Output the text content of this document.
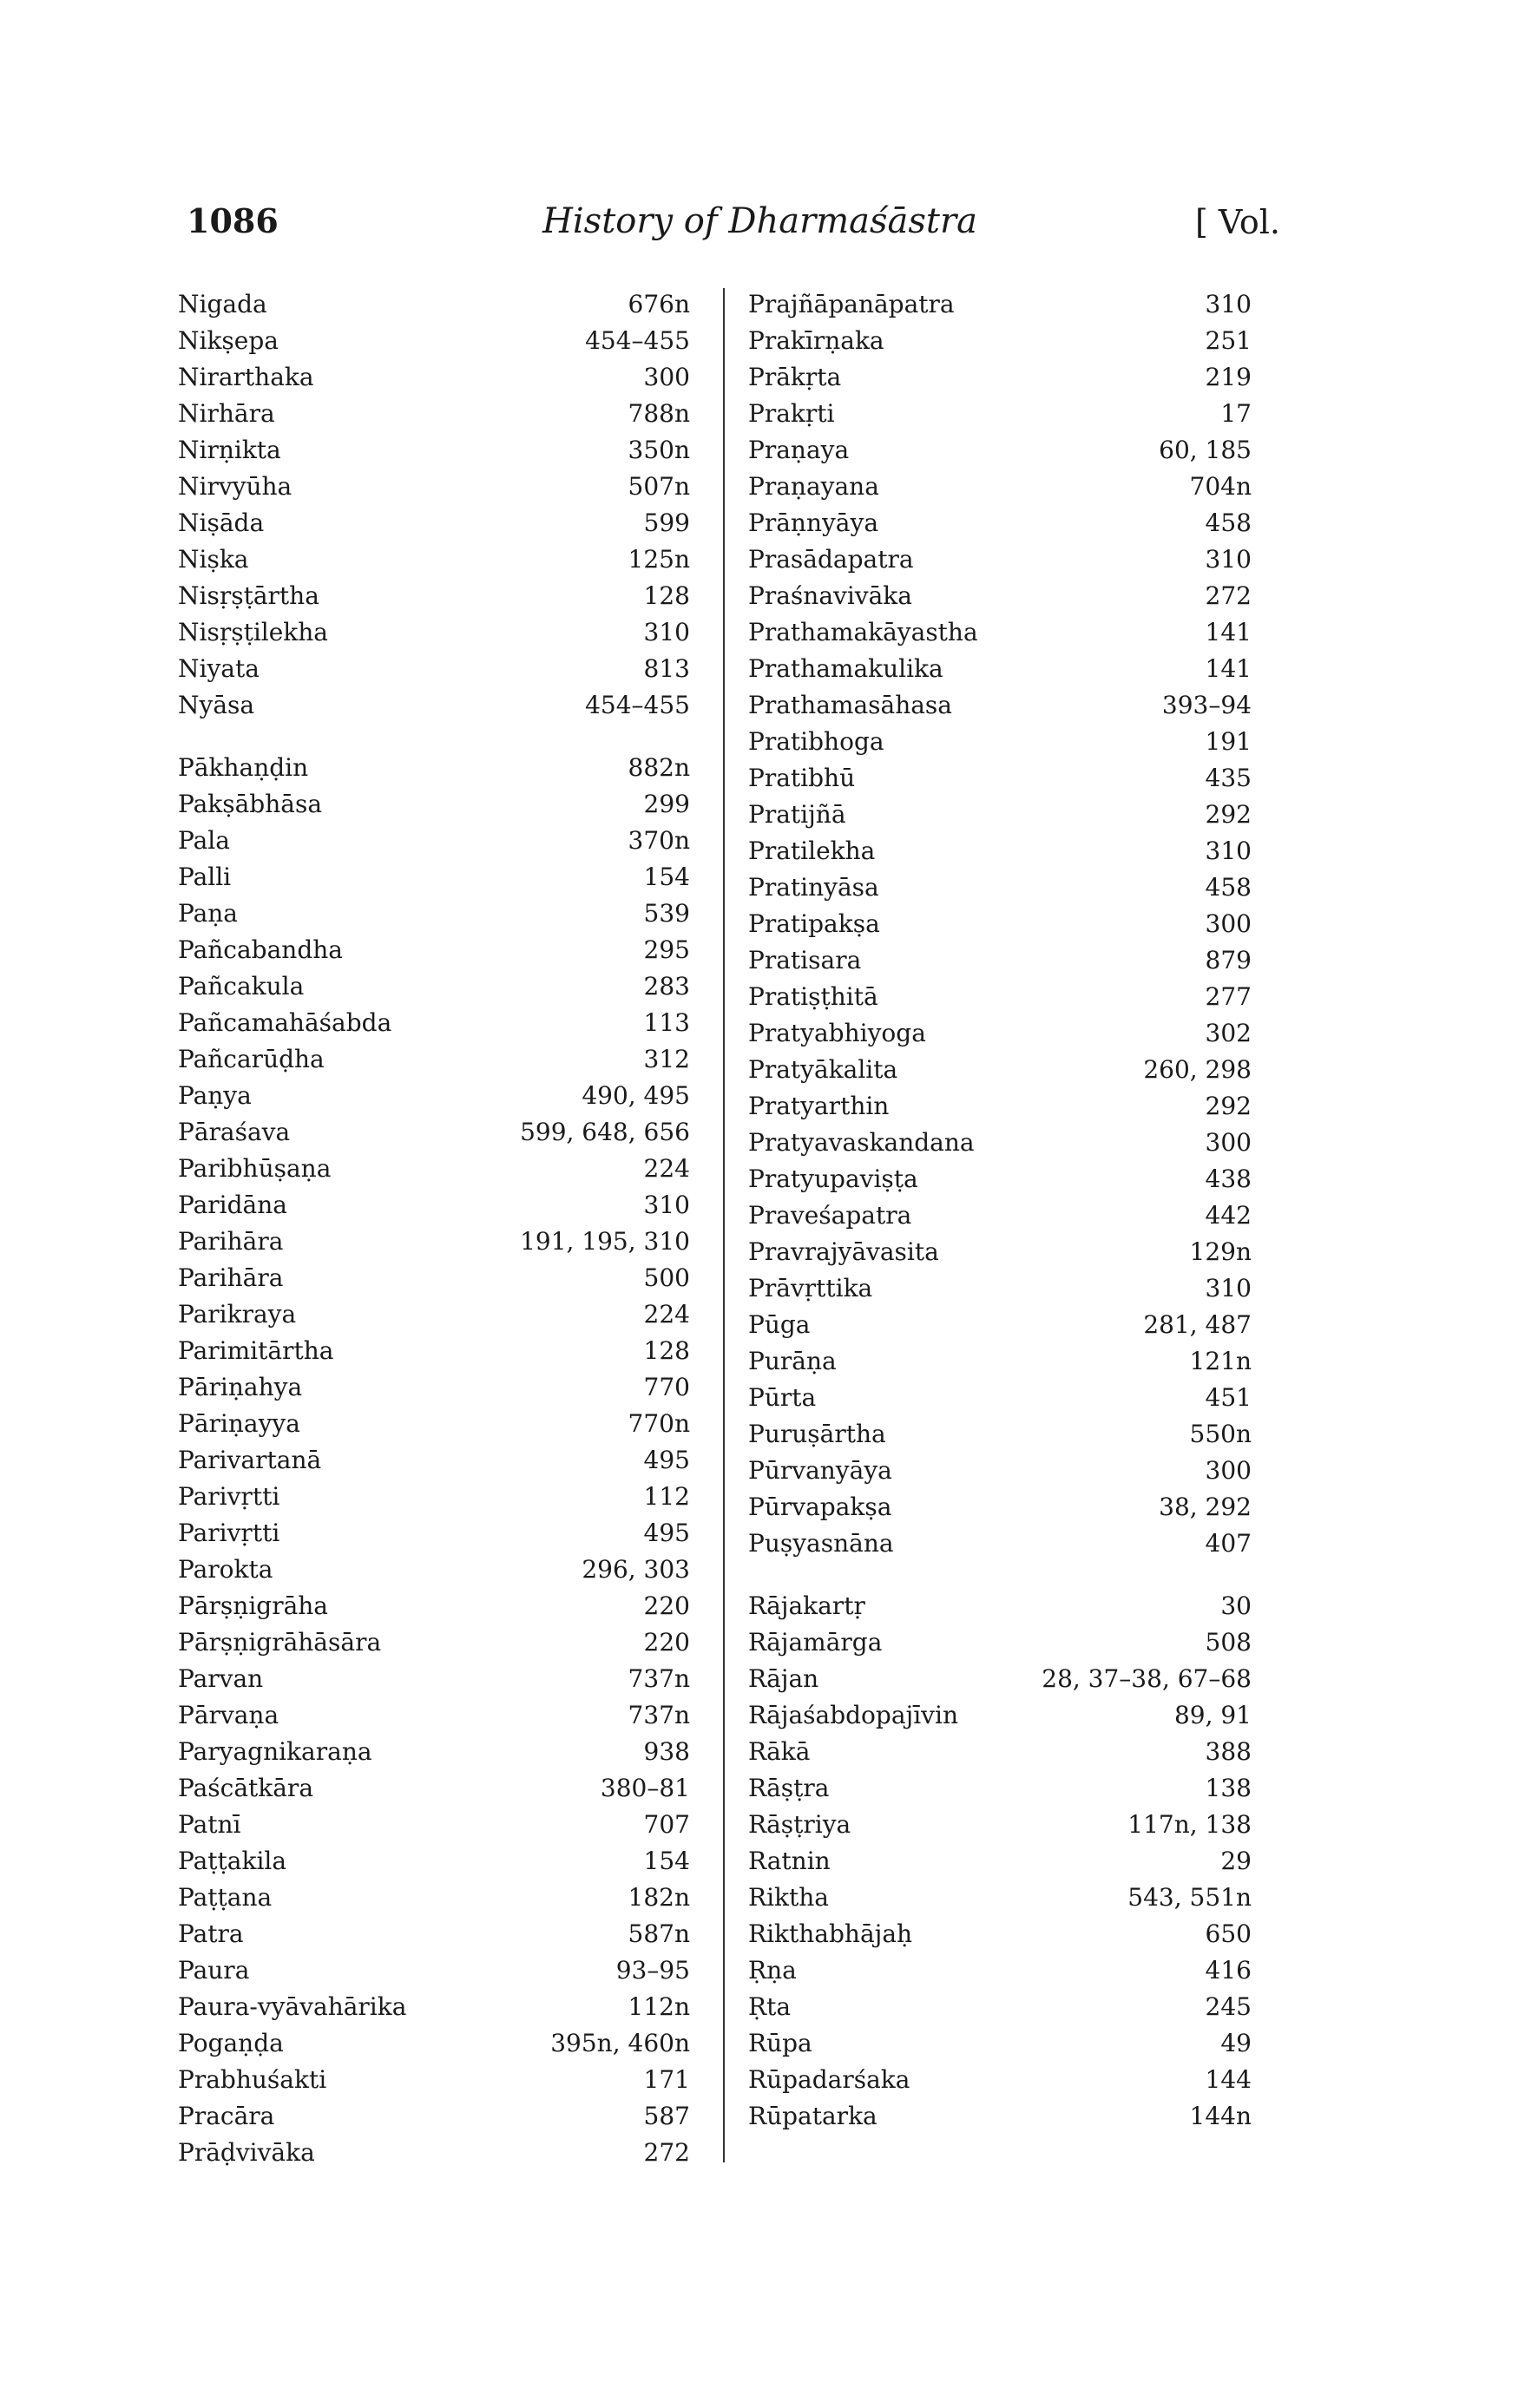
1086	History of Dharmaśāstra	[ Vol.
Nigada	676n
Nikṣepa	454–455
Nirarthaka	300
Nirhāra	788n
Nirṇikta	350n
Nirvyūha	507n
Niṣāda	599
Niṣka	125n
Nisṛṣṭārtha	128
Nisṛṣṭilekha	310
Niyata	813
Nyāsa	454–455
Pākhaṇḍin	882n
Pakṣābhāsa	299
Pala	370n
Palli	154
Paṇa	539
Pañcabandha	295
Pañcakula	283
Pañcamahāśabda	113
Pañcarūḍha	312
Paṇya	490, 495
Pāraśava	599, 648, 656
Paribhūṣaṇa	224
Paridāna	310
Parihāra	191, 195, 310
Parihāra	500
Parikraya	224
Parimitārtha	128
Pāriṇahya	770
Pāriṇayya	770n
Parivartanā	495
Parivṛtti	112
Parivṛtti	495
Parokta	296, 303
Pārṣṇigrāha	220
Pārṣṇigrāhāsāra	220
Parvan	737n
Pārvaṇa	737n
Paryagnikaraṇa	938
Paścātkāra	380–81
Patnī	707
Paṭṭakila	154
Paṭṭana	182n
Patra	587n
Paura	93–95
Paura-vyāvahārika	112n
Pogaṇḍa	395n, 460n
Prabhuśakti	171
Pracāra	587
Prāḍvivāka	272
Prajñāpanāpatra	310
Prakīrṇaka	251
Prākṛta	219
Prakṛti	17
Praṇaya	60, 185
Praṇayana	704n
Prāṇnyāya	458
Prasādapatra	310
Praśnavivāka	272
Prathamakāyastha	141
Prathamakulika	141
Prathamasāhasa	393–94
Pratibhoga	191
Pratibhū	435
Pratijñā	292
Pratilekha	310
Pratinyāsa	458
Pratipakṣa	300
Pratisara	879
Pratiṣṭhitā	277
Pratyabhiyoga	302
Pratyākalita	260, 298
Pratyarthin	292
Pratyavaskandana	300
Pratyupaviṣṭa	438
Praveśapatra	442
Pravrajyāvasita	129n
Prāvṛttika	310
Pūga	281, 487
Purāṇa	121n
Pūrta	451
Puruṣārtha	550n
Pūrvanyāya	300
Pūrvapakṣa	38, 292
Puṣyasnāna	407
Rājakartṛ	30
Rājamārga	508
Rājan	28, 37–38, 67–68
Rājaśabdopajīvin	89, 91
Rākā	388
Rāṣṭra	138
Rāṣṭriya	117n, 138
Ratnin	29
Riktha	543, 551n
Rikthabhājaḥ	650
Ṛṇa	416
Ṛta	245
Rūpa	49
Rūpadarśaka	144
Rūpatarka	144n
